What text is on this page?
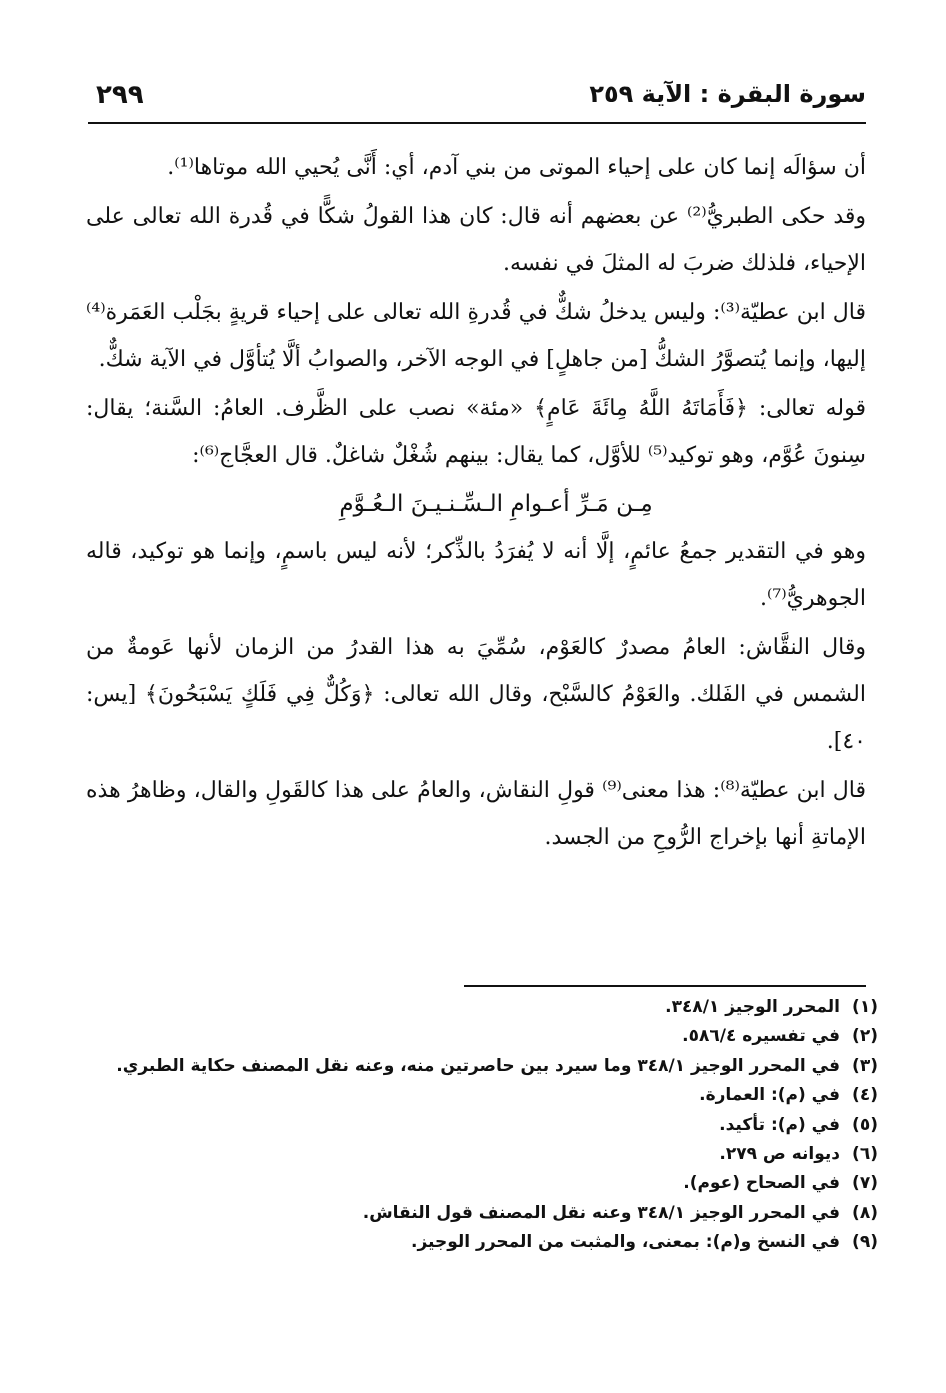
سورة البقرة : الآية ٢٥٩
٢٩٩

أن سؤالَه إنما كان على إحياء الموتى من بني آدم، أي: أَنَّى يُحيي الله موتاها⁽¹⁾.

وقد حكى الطبريُّ⁽²⁾ عن بعضهم أنه قال: كان هذا القولُ شكًّا في قُدرة الله تعالى على الإحياء، فلذلك ضربَ له المثلَ في نفسه.

قال ابن عطيّة⁽³⁾: وليس يدخلُ شكٌّ في قُدرةِ الله تعالى على إحياء قريةٍ بجَلْب العَمَرة⁽⁴⁾ إليها، وإنما يُتصوَّرُ الشكُّ [من جاهلٍ] في الوجه الآخر، والصوابُ ألَّا يُتأوَّل في الآية شكٌّ.

قوله تعالى: ﴿فَأَمَاتَهُ اللَّهُ مِائَةَ عَامٍ﴾ «مئة» نصب على الظَّرف. العامُ: السَّنة؛ يقال: سِنونَ عُوَّم، وهو توكيد⁽⁵⁾ للأوَّل، كما يقال: بينهم شُغْلٌ شاغلٌ. قال العجَّاج⁽⁶⁾:

مِـن مَـرِّ أعـوامِ الـسِّـنـيـنَ الـعُـوَّمِ

وهو في التقدير جمعُ عائمٍ، إلَّا أنه لا يُفرَدُ بالذِّكر؛ لأنه ليس باسمٍ، وإنما هو توكيد، قاله الجوهريُّ⁽⁷⁾.

وقال النقَّاش: العامُ مصدرٌ كالعَوْم، سُمِّيَ به هذا القدرُ من الزمان لأنها عَومةٌ من الشمس في الفَلك. والعَوْمُ كالسَّبْح، وقال الله تعالى: ﴿وَكُلٌّ فِي فَلَكٍ يَسْبَحُونَ﴾ [يس: ٤٠].

قال ابن عطيّة⁽⁸⁾: هذا معنى⁽⁹⁾ قولِ النقاش، والعامُ على هذا كالقَولِ والقال، وظاهرُ هذه الإماتةِ أنها بإخراج الرُّوحِ من الجسد.

(١)
المحرر الوجيز ٣٤٨/١.
(٢)
في تفسيره ٥٨٦/٤.
(٣)
في المحرر الوجيز ٣٤٨/١ وما سيرد بين حاصرتين منه، وعنه نقل المصنف حكاية الطبري.
(٤)
في (م): العمارة.
(٥)
في (م): تأكيد.
(٦)
ديوانه ص ٢٧٩.
(٧)
في الصحاح (عوم).
(٨)
في المحرر الوجيز ٣٤٨/١ وعنه نقل المصنف قول النقاش.
(٩)
في النسخ و(م): بمعنى، والمثبت من المحرر الوجيز.
